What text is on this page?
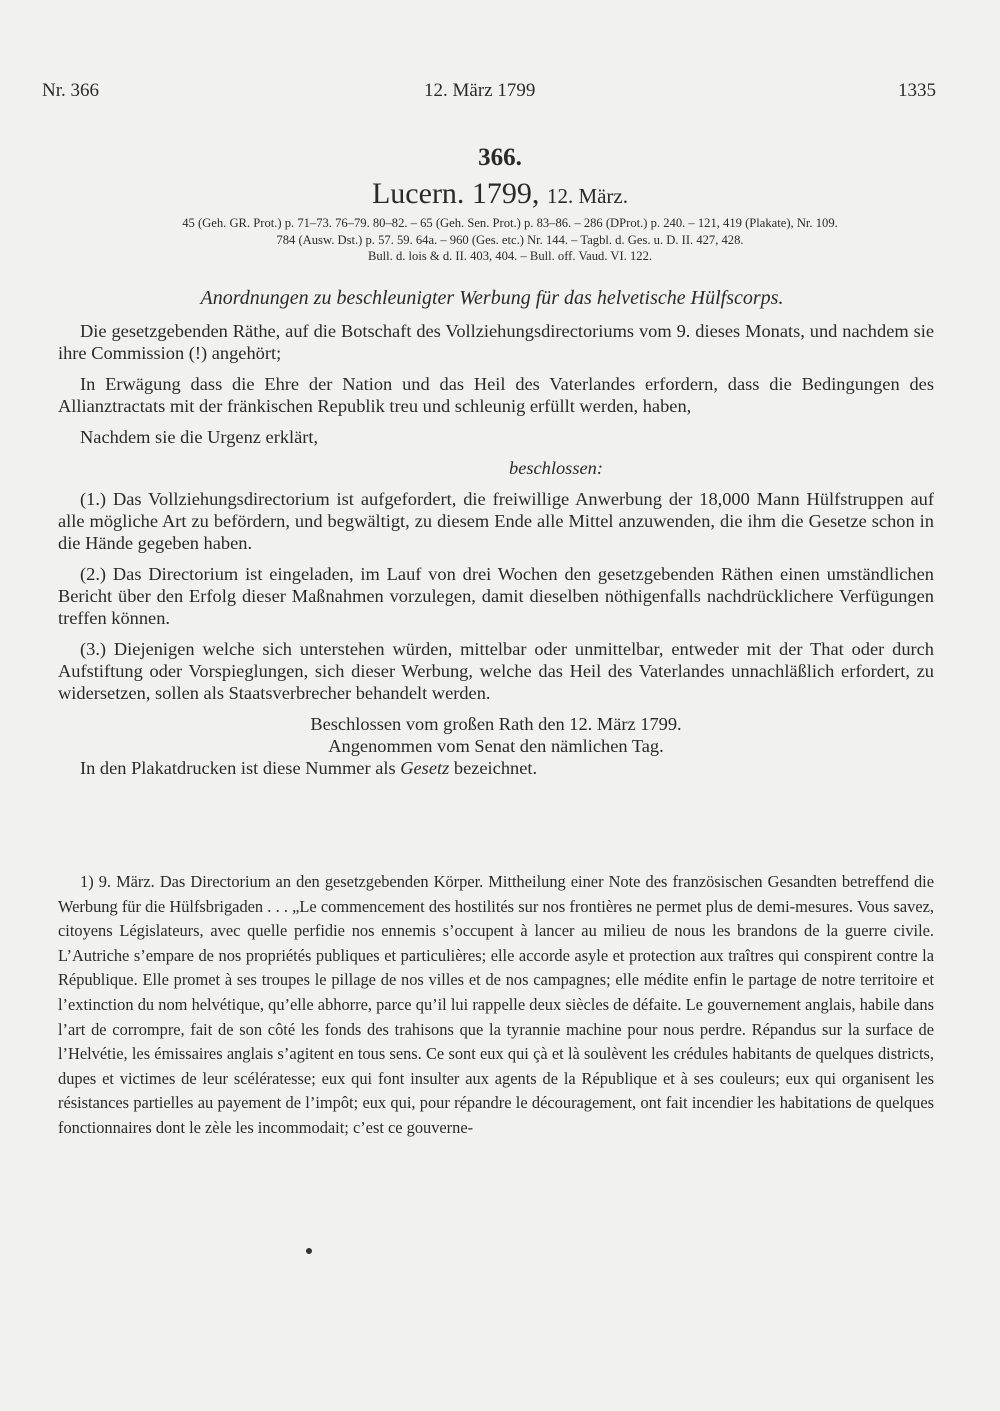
Nr. 366	12. März 1799	1335
366.
Lucern. 1799, 12. März.
45 (Geh. GR. Prot.) p. 71–73. 76–79. 80–82. – 65 (Geh. Sen. Prot.) p. 83–86. – 286 (DProt.) p. 240. – 121, 419 (Plakate), Nr. 109.
784 (Ausw. Dst.) p. 57. 59. 64a. – 960 (Ges. etc.) Nr. 144. – Tagbl. d. Ges. u. D. II. 427, 428.
Bull. d. lois & d. II. 403, 404. – Bull. off. Vaud. VI. 122.
Anordnungen zu beschleunigter Werbung für das helvetische Hülfscorps.

Die gesetzgebenden Räthe, auf die Botschaft des Vollziehungsdirectoriums vom 9. dieses Monats, und nachdem sie ihre Commission (!) angehört;

In Erwägung dass die Ehre der Nation und das Heil des Vaterlandes erfordern, dass die Bedingungen des Allianztractats mit der fränkischen Republik treu und schleunig erfüllt werden, haben,

Nachdem sie die Urgenz erklärt,

beschlossen:

(1.) Das Vollziehungsdirectorium ist aufgefordert, die freiwillige Anwerbung der 18,000 Mann Hülfstruppen auf alle mögliche Art zu befördern, und begwältigt, zu diesem Ende alle Mittel anzuwenden, die ihm die Gesetze schon in die Hände gegeben haben.

(2.) Das Directorium ist eingeladen, im Lauf von drei Wochen den gesetzgebenden Räthen einen umständlichen Bericht über den Erfolg dieser Maßnahmen vorzulegen, damit dieselben nöthigenfalls nachdrücklichere Verfügungen treffen können.

(3.) Diejenigen welche sich unterstehen würden, mittelbar oder unmittelbar, entweder mit der That oder durch Aufstiftung oder Vorspieglungen, sich dieser Werbung, welche das Heil des Vaterlandes unnachläßlich erfordert, zu widersetzen, sollen als Staatsverbrecher behandelt werden.

Beschlossen vom großen Rath den 12. März 1799.

Angenommen vom Senat den nämlichen Tag.

In den Plakatdrucken ist diese Nummer als Gesetz bezeichnet.

1) 9. März. Das Directorium an den gesetzgebenden Körper. Mittheilung einer Note des französischen Gesandten betreffend die Werbung für die Hülfsbrigaden . . . „Le commencement des hostilités sur nos frontières ne permet plus de demi-mesures. Vous savez, citoyens Législateurs, avec quelle perfidie nos ennemis s’occupent à lancer au milieu de nous les brandons de la guerre civile. L’Autriche s’empare de nos propriétés publiques et particulières; elle accorde asyle et protection aux traîtres qui conspirent contre la République. Elle promet à ses troupes le pillage de nos villes et de nos campagnes; elle médite enfin le partage de notre territoire et l’extinction du nom helvétique, qu’elle abhorre, parce qu’il lui rappelle deux siècles de défaite. Le gouvernement anglais, habile dans l’art de corrompre, fait de son côté les fonds des trahisons que la tyrannie machine pour nous perdre. Répandus sur la surface de l’Helvétie, les émissaires anglais s’agitent en tous sens. Ce sont eux qui çà et là soulèvent les crédules habitants de quelques districts, dupes et victimes de leur scélératesse; eux qui font insulter aux agents de la République et à ses couleurs; eux qui organisent les résistances partielles au payement de l’impôt; eux qui, pour répandre le découragement, ont fait incendier les habitations de quelques fonctionnaires dont le zèle les incommodait; c’est ce gouverne-
